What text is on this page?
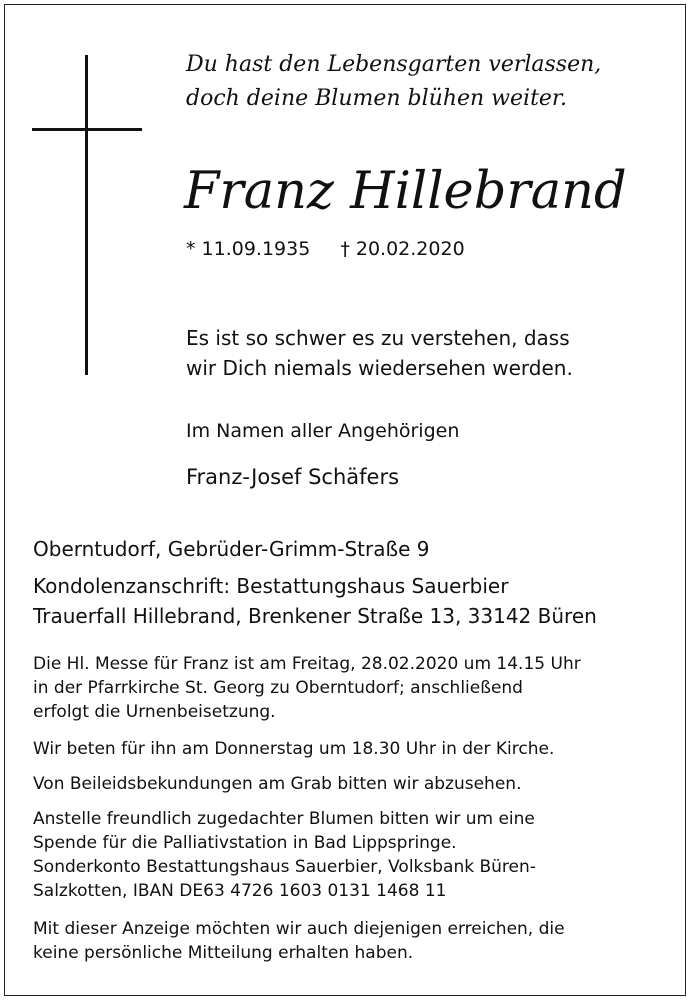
Du hast den Lebensgarten verlassen,
doch deine Blumen blühen weiter.

Franz Hillebrand
* 11.09.1935 † 20.02.2020
Es ist so schwer es zu verstehen, dass
wir Dich niemals wiedersehen werden.
Im Namen aller Angehörigen
Franz-Josef Schäfers
Oberntudorf, Gebrüder-Grimm-Straße 9
Kondolenzanschrift: Bestattungshaus Sauerbier
Trauerfall Hillebrand, Brenkener Straße 13, 33142 Büren
Die Hl. Messe für Franz ist am Freitag, 28.02.2020 um 14.15 Uhr
in der Pfarrkirche St. Georg zu Oberntudorf; anschließend
erfolgt die Urnenbeisetzung.
Wir beten für ihn am Donnerstag um 18.30 Uhr in der Kirche.
Von Beileidsbekundungen am Grab bitten wir abzusehen.
Anstelle freundlich zugedachter Blumen bitten wir um eine
Spende für die Palliativstation in Bad Lippspringe.
Sonderkonto Bestattungshaus Sauerbier, Volksbank Büren-
Salzkotten, IBAN DE63 4726 1603 0131 1468 11
Mit dieser Anzeige möchten wir auch diejenigen erreichen, die
keine persönliche Mitteilung erhalten haben.
